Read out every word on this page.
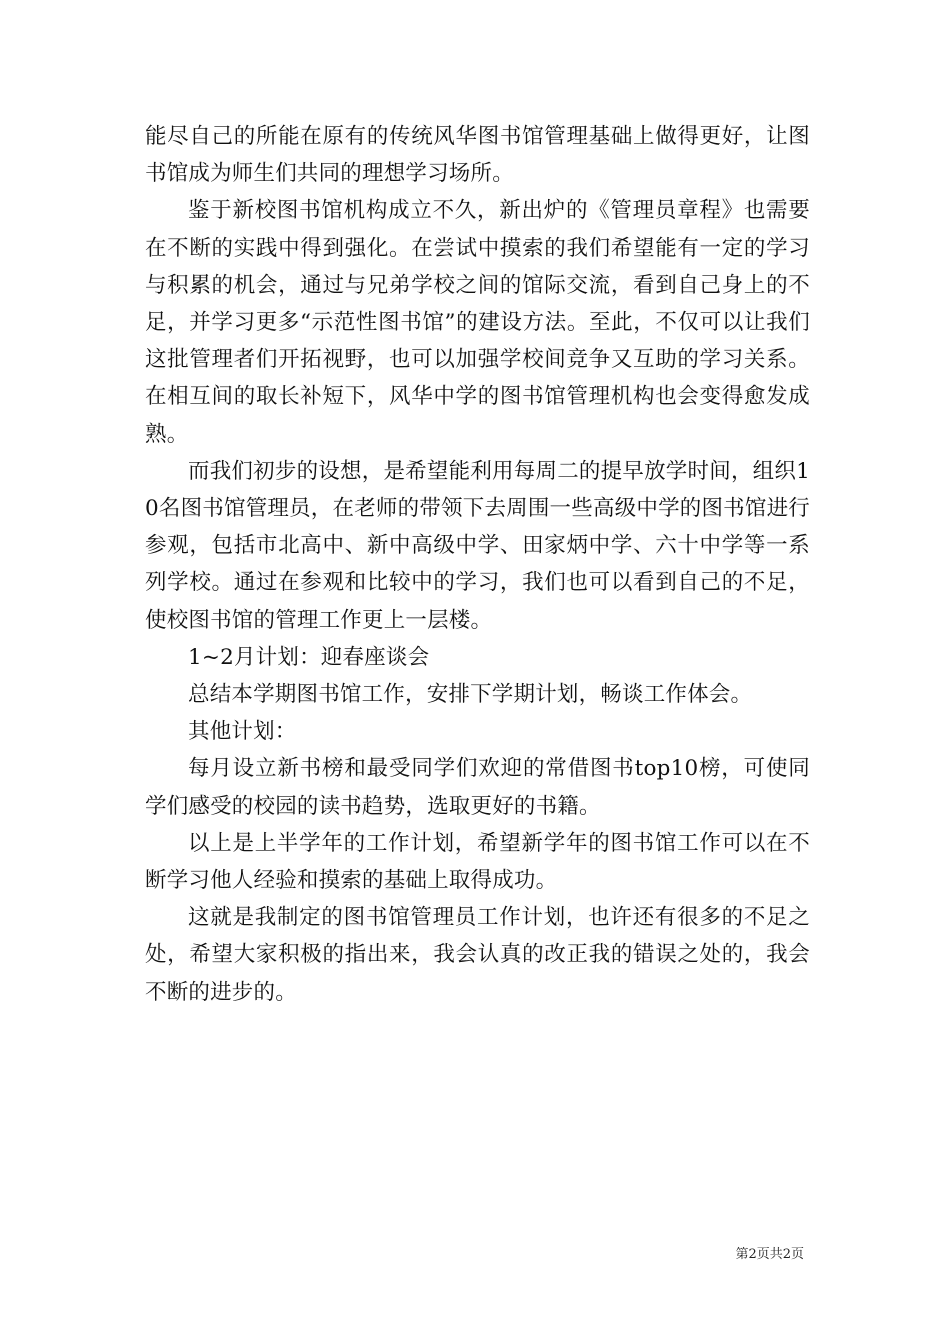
能尽自己的所能在原有的传统风华图书馆管理基础上做得更好，让图书馆成为师生们共同的理想学习场所。

鉴于新校图书馆机构成立不久，新出炉的《管理员章程》也需要在不断的实践中得到强化。在尝试中摸索的我们希望能有一定的学习与积累的机会，通过与兄弟学校之间的馆际交流，看到自己身上的不足，并学习更多“示范性图书馆”的建设方法。至此，不仅可以让我们这批管理者们开拓视野，也可以加强学校间竞争又互助的学习关系。在相互间的取长补短下，风华中学的图书馆管理机构也会变得愈发成熟。

而我们初步的设想，是希望能利用每周二的提早放学时间，组织10名图书馆管理员，在老师的带领下去周围一些高级中学的图书馆进行参观，包括市北高中、新中高级中学、田家炳中学、六十中学等一系列学校。通过在参观和比较中的学习，我们也可以看到自己的不足，使校图书馆的管理工作更上一层楼。

1~2月计划：迎春座谈会

总结本学期图书馆工作，安排下学期计划，畅谈工作体会。

其他计划：

每月设立新书榜和最受同学们欢迎的常借图书top10榜，可使同学们感受的校园的读书趋势，选取更好的书籍。

以上是上半学年的工作计划，希望新学年的图书馆工作可以在不断学习他人经验和摸索的基础上取得成功。

这就是我制定的图书馆管理员工作计划，也许还有很多的不足之处，希望大家积极的指出来，我会认真的改正我的错误之处的，我会不断的进步的。

第2页共2页
